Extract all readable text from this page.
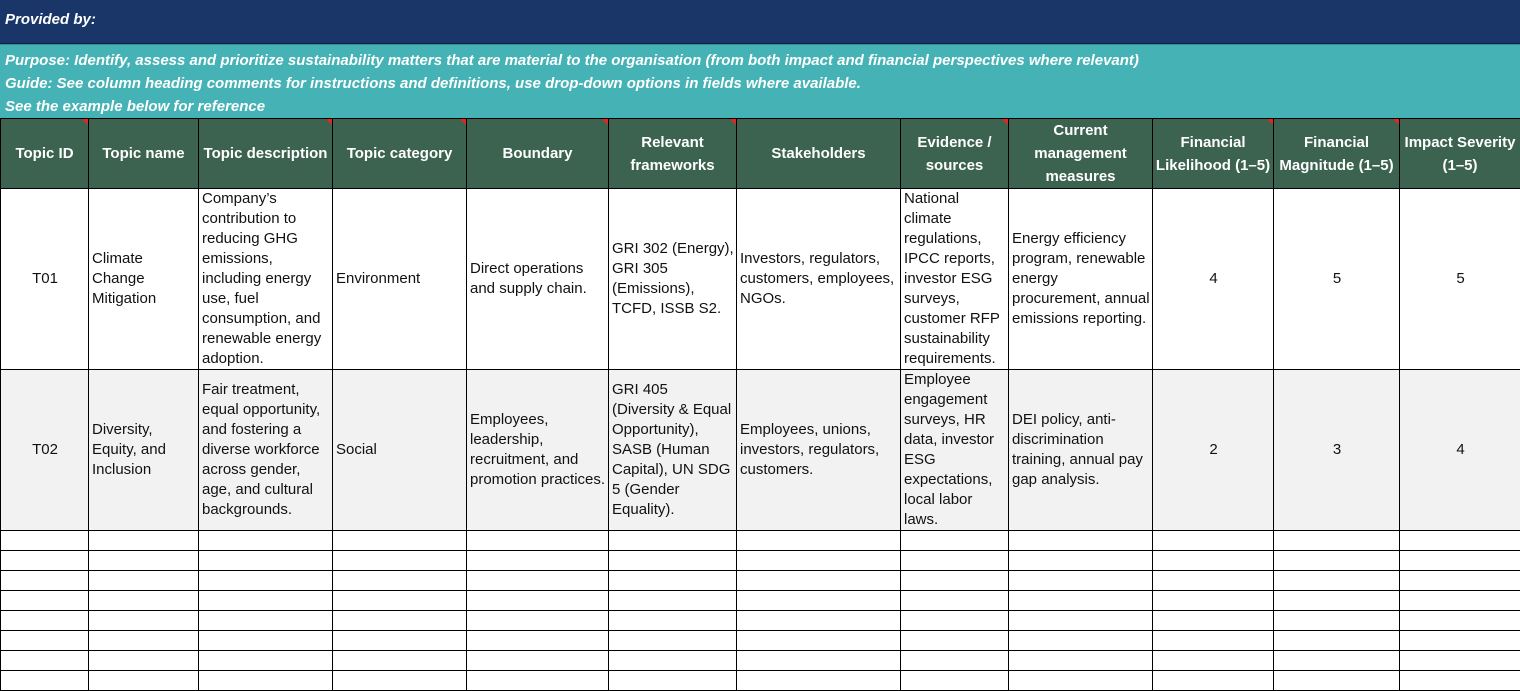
Provided by:
Purpose: Identify, assess and prioritize sustainability matters that are material to the organisation (from both impact and financial perspectives where relevant)
Guide: See column heading comments for instructions and definitions, use drop-down options in fields where available.
See the example below for reference
Topic ID	Topic name	Topic description	Topic category	Boundary	Relevant frameworks	Stakeholders	Evidence / sources	Current management measures	Financial Likelihood (1–5)	Financial Magnitude (1–5)	Impact Severity (1–5)
T01	Climate Change Mitigation	Company’s contribution to reducing GHG emissions, including energy use, fuel consumption, and renewable energy adoption.	Environment	Direct operations and supply chain.	GRI 302 (Energy), GRI 305 (Emissions), TCFD, ISSB S2.	Investors, regulators, customers, employees, NGOs.	National climate regulations, IPCC reports, investor ESG surveys, customer RFP sustainability requirements.	Energy efficiency program, renewable energy procurement, annual emissions reporting.	4	5	5
T02	Diversity, Equity, and Inclusion	Fair treatment, equal opportunity, and fostering a diverse workforce across gender, age, and cultural backgrounds.	Social	Employees, leadership, recruitment, and promotion practices.	GRI 405 (Diversity & Equal Opportunity), SASB (Human Capital), UN SDG 5 (Gender Equality).	Employees, unions, investors, regulators, customers.	Employee engagement surveys, HR data, investor ESG expectations, local labor laws.	DEI policy, anti-discrimination training, annual pay gap analysis.	2	3	4
